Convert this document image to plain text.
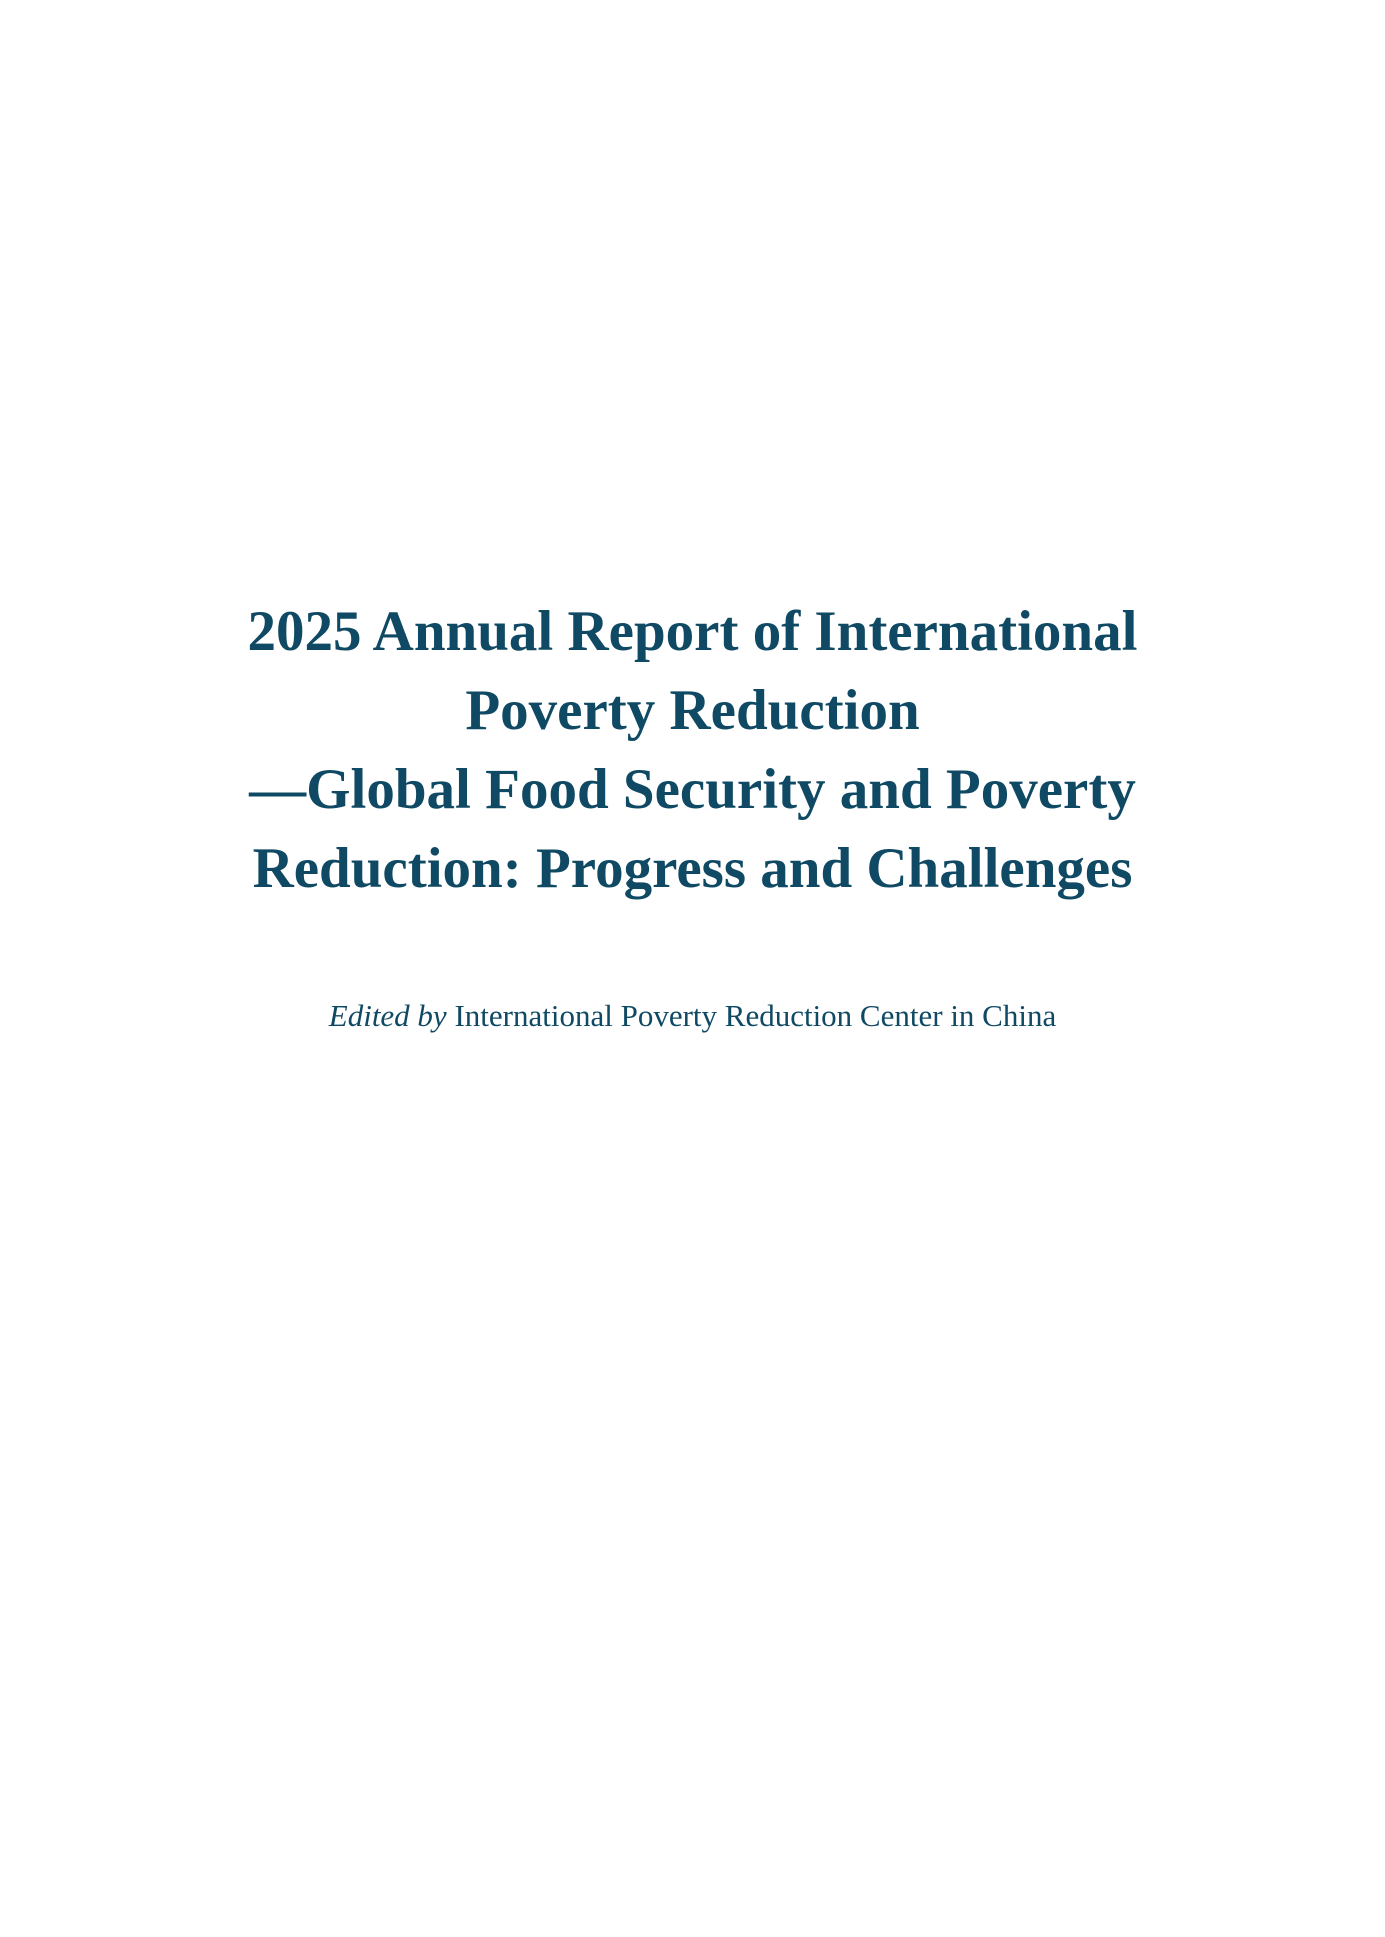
2025 Annual Report of International
Poverty Reduction
—Global Food Security and Poverty
Reduction: Progress and Challenges
Edited by International Poverty Reduction Center in China
